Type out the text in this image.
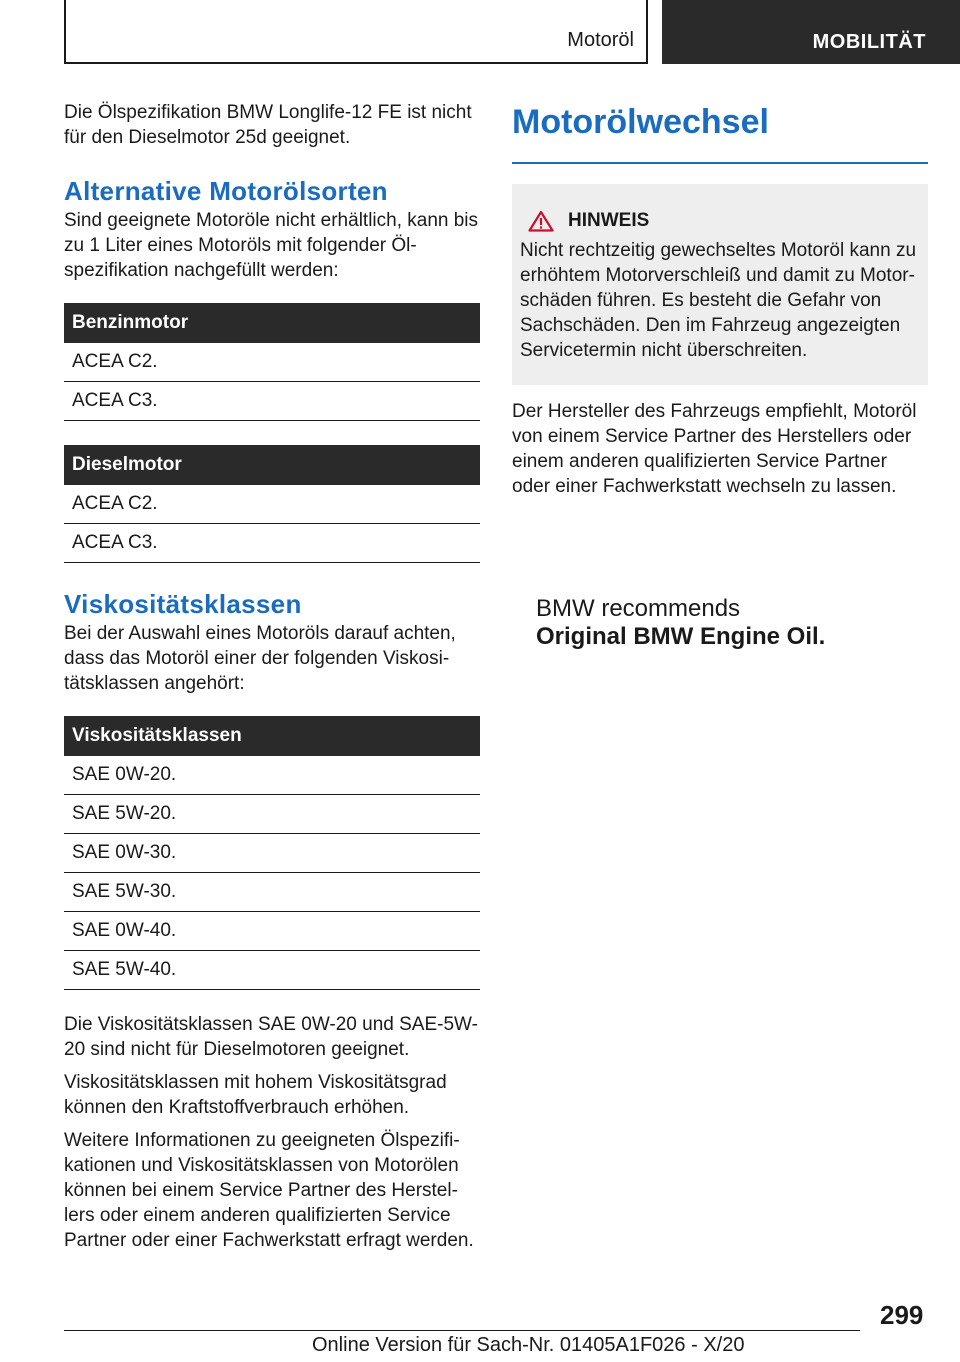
Motoröl	MOBILITÄT

Die Ölspezifikation BMW Longlife-12 FE ist nicht für den Dieselmotor 25d geeignet.

Alternative Motorölsorten

Sind geeignete Motoröle nicht erhältlich, kann bis zu 1 Liter eines Motoröls mit folgender Ölspezifikation nachgefüllt werden:

Benzinmotor
ACEA C2.
ACEA C3.
Dieselmotor
ACEA C2.
ACEA C3.
Viskositätsklassen

Bei der Auswahl eines Motoröls darauf achten, dass das Motoröl einer der folgenden Viskositätsklassen angehört:

Viskositätsklassen
SAE 0W-20.
SAE 5W-20.
SAE 0W-30.
SAE 5W-30.
SAE 0W-40.
SAE 5W-40.

Die Viskositätsklassen SAE 0W-20 und SAE-5W-20 sind nicht für Dieselmotoren geeignet.

Viskositätsklassen mit hohem Viskositätsgrad können den Kraftstoffverbrauch erhöhen.

Weitere Informationen zu geeigneten Ölspezifikationen und Viskositätsklassen von Motorölen können bei einem Service Partner des Herstellers oder einem anderen qualifizierten Service Partner oder einer Fachwerkstatt erfragt werden.

Motorölwechsel
HINWEIS

Nicht rechtzeitig gewechseltes Motoröl kann zu erhöhtem Motorverschleiß und damit zu Motorschäden führen. Es besteht die Gefahr von Sachschäden. Den im Fahrzeug angezeigten Servicetermin nicht überschreiten.

Der Hersteller des Fahrzeugs empfiehlt, Motoröl von einem Service Partner des Herstellers oder einem anderen qualifizierten Service Partner oder einer Fachwerkstatt wechseln zu lassen.

BMW recommends
Original BMW Engine Oil.
299
Online Version für Sach-Nr. 01405A1F026 - X/20
